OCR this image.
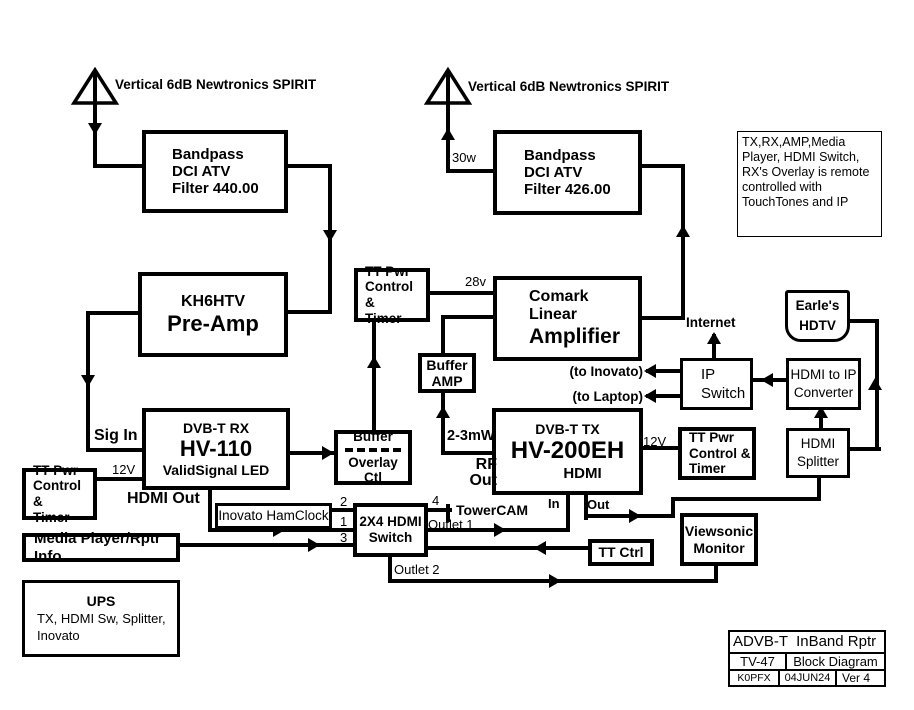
Bandpass
DCI ATV
Filter 440.00
KH6HTV
Pre-Amp
DVB-T RX
HV-110
ValidSignal LED
TT Pwr
Control &
Timer
Media Player/Rptr Info
UPS
TX, HDMI Sw, Splitter,
Inovato
Inovato HamClock 2X4 HDMI
Switch
Buffer
Overlay Ctl
TT Pwr
Control &
Timer
Buffer
AMP
Bandpass
DCI ATV
Filter 426.00
Comark
Linear
Amplifier
DVB-T TX
HV-200EH
HDMI
TT Pwr
Control &
Timer
IP
Switch
HDMI to IP
Converter
HDMI
Splitter
Earle's
HDTV
TT Ctrl
Viewsonic
Monitor
TX,RX,AMP,Media Player, HDMI Switch, RX's Overlay is remote controlled with TouchTones and IP
Vertical 6dB Newtronics SPIRIT	Vertical 6dB Newtronics SPIRIT
30w
Sig In
12V
HDMI Out
28v
2-3mW
RF
Out
12V
Internet
(to Inovato)
(to Laptop)
In Out
2
1
3
4
TowerCAM
Outlet 1
Outlet 2
ADVB-T  InBand Rptr
TV-47	Block Diagram
K0PFX	04JUN24 Ver 4
